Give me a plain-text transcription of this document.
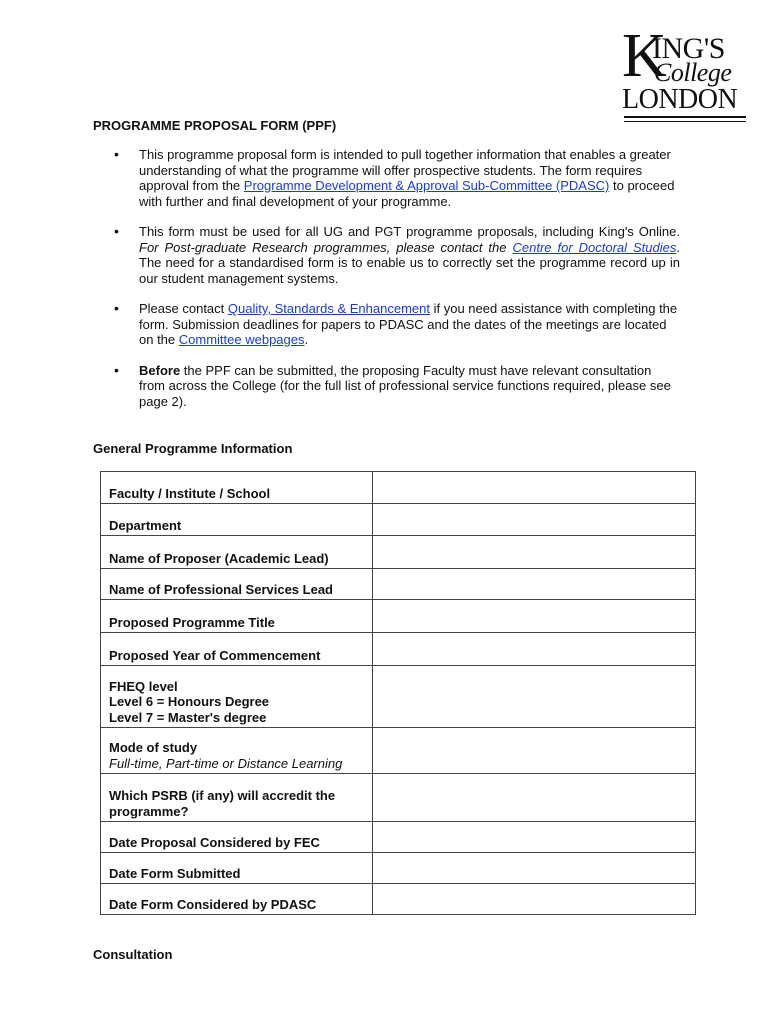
K
ING'S
College
LONDON
PROGRAMME PROPOSAL FORM (PPF)
• This programme proposal form is intended to pull together information that enables a greater understanding of what the programme will offer prospective students. The form requires approval from the Programme Development & Approval Sub-Committee (PDASC) to proceed with further and final development of your programme.
• This form must be used for all UG and PGT programme proposals, including King's Online. For Post-graduate Research programmes, please contact the Centre for Doctoral Studies. The need for a standardised form is to enable us to correctly set the programme record up in our student management systems.
• Please contact Quality, Standards & Enhancement if you need assistance with completing the form. Submission deadlines for papers to PDASC and the dates of the meetings are located on the Committee webpages.
• Before the PPF can be submitted, the proposing Faculty must have relevant consultation from across the College (for the full list of professional service functions required, please see page 2).
General Programme Information
Faculty / Institute / School	
Department	
Name of Proposer (Academic Lead)	
Name of Professional Services Lead	
Proposed Programme Title	
Proposed Year of Commencement	

FHEQ level
Level 6 = Honours Degree
Level 7 = Master's degree	

Mode of study
Full-time, Part-time or Distance Learning	

Which PSRB (if any) will accredit the programme?	
Date Proposal Considered by FEC	
Date Form Submitted	
Date Form Considered by PDASC	
Consultation
